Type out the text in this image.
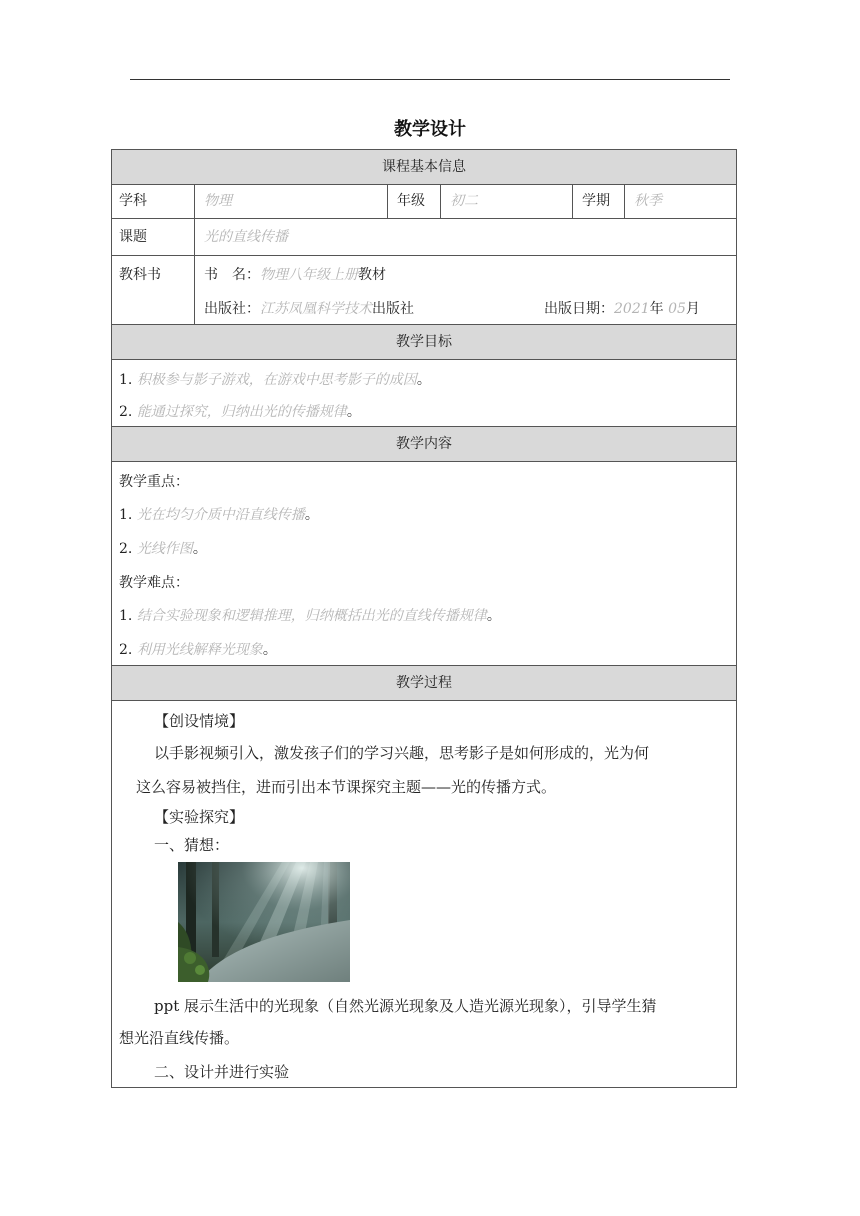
教学设计
课程基本信息
学科	物理	年级	初二	学期	秋季
课题	光的直线传播
教科书	书　名：物理八年级上册教材
出版社：江苏凤凰科学技术出版社	出版日期：2021年 05月
教学目标
1. 积极参与影子游戏，在游戏中思考影子的成因。
2. 能通过探究，归纳出光的传播规律。
教学内容
教学重点：
1. 光在均匀介质中沿直线传播。
2. 光线作图。
教学难点：
1. 结合实验现象和逻辑推理，归纳概括出光的直线传播规律。
2. 利用光线解释光现象。
教学过程
【创设情境】
以手影视频引入，激发孩子们的学习兴趣，思考影子是如何形成的，光为何
这么容易被挡住，进而引出本节课探究主题——光的传播方式。
【实验探究】
一、猜想：
ppt 展示生活中的光现象（自然光源光现象及人造光源光现象），引导学生猜
想光沿直线传播。
二、设计并进行实验
